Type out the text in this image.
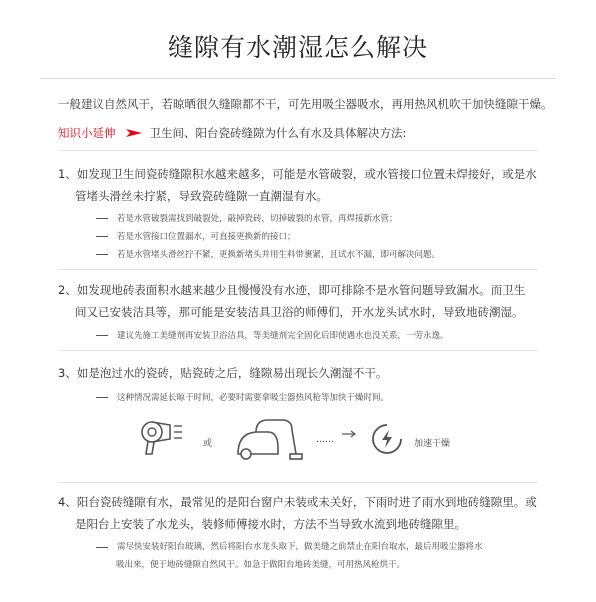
缝隙有水潮湿怎么解决
一般建议自然风干，若晾晒很久缝隙都不干，可先用吸尘器吸水，再用热风机吹干加快缝隙干燥。
知识小延伸	卫生间、阳台瓷砖缝隙为什么有水及具体解决方法:
1、如发现卫生间瓷砖缝隙积水越来越多，可能是水管破裂，或水管接口位置未焊接好，或是水
管堵头滑丝未拧紧，导致瓷砖缝隙一直潮湿有水。
若是水管破裂需找到破裂处，敲掉瓷砖，切掉破裂的水管，再焊接新水管；
若是水管接口位置漏水，可直接更换新的接口；
若是水管堵头滑丝拧不紧，更换新堵头并用生料带裹紧，且试水不漏，即可解决问题。
2、如发现地砖表面积水越来越少且慢慢没有水迹，即可排除不是水管问题导致漏水。而卫生
间又已安装洁具等，那可能是安装洁具卫浴的师傅们，开水龙头试水时，导致地砖潮湿。
建议先施工美缝剂再安装卫浴洁具，等美缝剂完全固化后即使遇水也没关系，一劳永逸。
3、如是泡过水的瓷砖，贴瓷砖之后，缝隙易出现长久潮湿不干。
这种情况需延长晾干时间，必要时需要拿吸尘器热风枪等加快干燥时间。
或	……	加速干燥
4、阳台瓷砖缝隙有水，最常见的是阳台窗户未装或未关好，下雨时进了雨水到地砖缝隙里。或
是阳台上安装了水龙头，装修师傅接水时，方法不当导致水流到地砖缝隙里。
需尽快安装好阳台玻璃，然后将阳台水龙头取下，做美缝之前禁止在阳台取水，最后用吸尘器将水
吸出来，便于地砖缝隙自然风干。如急于做阳台地砖美缝，可用热风枪烘干。
